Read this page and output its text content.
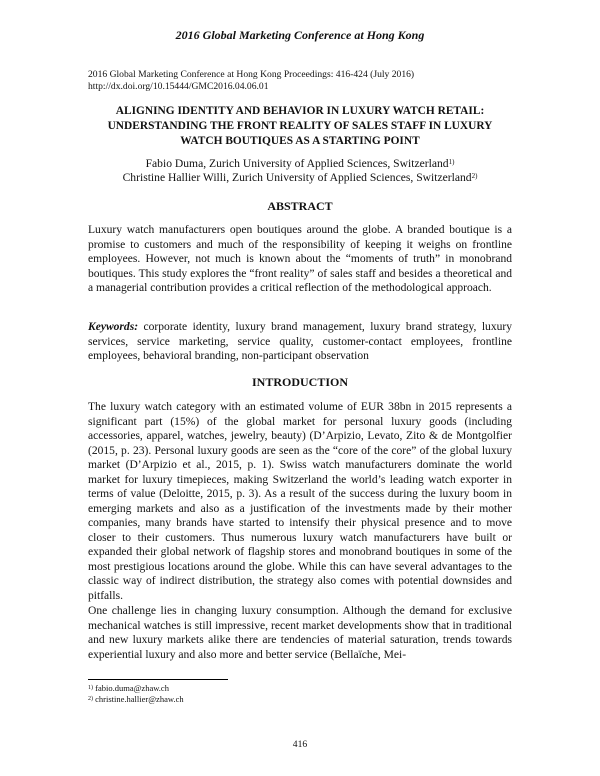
2016 Global Marketing Conference at Hong Kong
2016 Global Marketing Conference at Hong Kong Proceedings: 416-424 (July 2016)
http://dx.doi.org/10.15444/GMC2016.04.06.01
ALIGNING IDENTITY AND BEHAVIOR IN LUXURY WATCH RETAIL: UNDERSTANDING THE FRONT REALITY OF SALES STAFF IN LUXURY WATCH BOUTIQUES AS A STARTING POINT
Fabio Duma, Zurich University of Applied Sciences, Switzerland$^{1)}$
Christine Hallier Willi, Zurich University of Applied Sciences, Switzerland$^{2)}$
ABSTRACT

Luxury watch manufacturers open boutiques around the globe. A branded boutique is a promise to customers and much of the responsibility of keeping it weighs on frontline employees. However, not much is known about the “moments of truth” in monobrand boutiques. This study explores the “front reality” of sales staff and besides a theoretical and a managerial contribution provides a critical reflection of the methodological approach.

Keywords: corporate identity, luxury brand management, luxury brand strategy, luxury services, service marketing, service quality, customer-contact employees, frontline employees, behavioral branding, non-participant observation

INTRODUCTION

The luxury watch category with an estimated volume of EUR 38bn in 2015 represents a significant part (15%) of the global market for personal luxury goods (including accessories, apparel, watches, jewelry, beauty) (D’Arpizio, Levato, Zito & de Montgolfier (2015, p. 23). Personal luxury goods are seen as the “core of the core” of the global luxury market (D’Arpizio et al., 2015, p. 1). Swiss watch manufacturers dominate the world market for luxury timepieces, making Switzerland the world’s leading watch exporter in terms of value (Deloitte, 2015, p. 3). As a result of the success during the luxury boom in emerging markets and also as a justification of the investments made by their mother companies, many brands have started to intensify their physical presence and to move closer to their customers. Thus numerous luxury watch manufacturers have built or expanded their global network of flagship stores and monobrand boutiques in some of the most prestigious locations around the globe. While this can have several advantages to the classic way of indirect distribution, the strategy also comes with potential downsides and pitfalls.

One challenge lies in changing luxury consumption. Although the demand for exclusive mechanical watches is still impressive, recent market developments show that in traditional and new luxury markets alike there are tendencies of material saturation, trends towards experiential luxury and also more and better service (Bellaïche, Mei-

$^{1)}$ fabio.duma@zhaw.ch
$^{2)}$ christine.hallier@zhaw.ch
416
